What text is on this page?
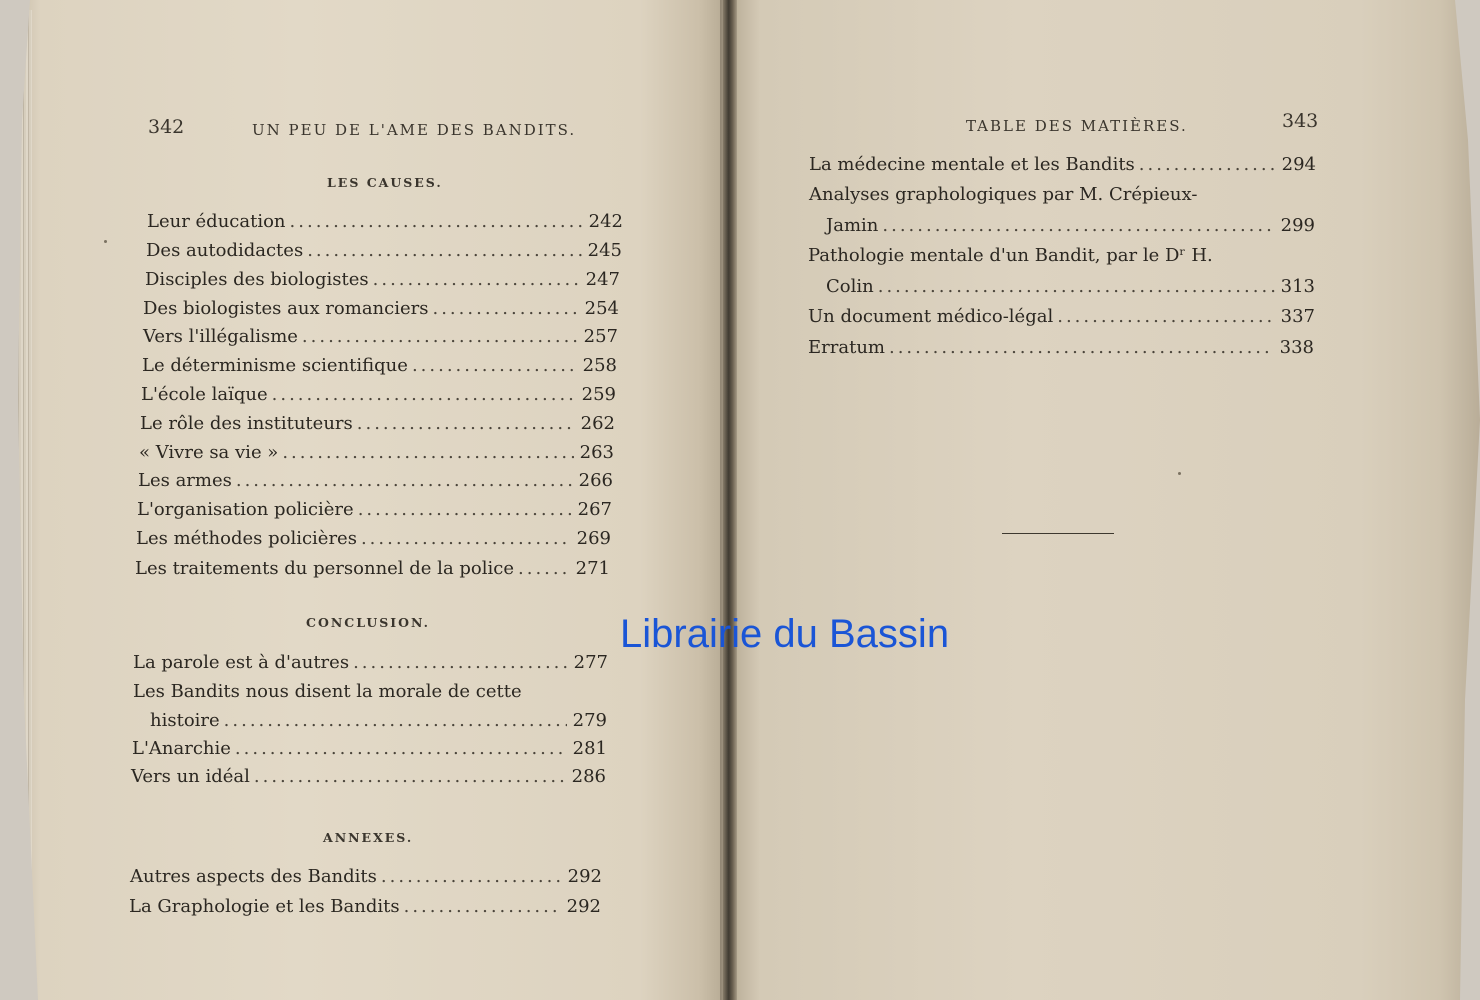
342	UN PEU DE L'AME DES BANDITS.
LES CAUSES.
Leur éducation .....	242
Des autodidactes .....	245
Disciples des biologistes .....	247
Des biologistes aux romanciers .....	254
Vers l'illégalisme .....	257
Le déterminisme scientifique .....	258
L'école laïque .....	259
Le rôle des instituteurs .....	262
« Vivre sa vie » .....	263
Les armes .....	266
L'organisation policière .....	267
Les méthodes policières .....	269
Les traitements du personnel de la police .....	271
CONCLUSION.
La parole est à d'autres .....	277
Les Bandits nous disent la morale de cette
histoire .....	279
L'Anarchie .....	281
Vers un idéal .....	286
ANNEXES.
Autres aspects des Bandits .....	292
La Graphologie et les Bandits .....	292
TABLE DES MATIÈRES.	343
La médecine mentale et les Bandits .....	294
Analyses graphologiques par M. Crépieux-
Jamin .....	299
Pathologie mentale d'un Bandit, par le Dʳ H.
Colin .....	313
Un document médico-légal .....	337
Erratum .....	338
Librairie du Bassin
